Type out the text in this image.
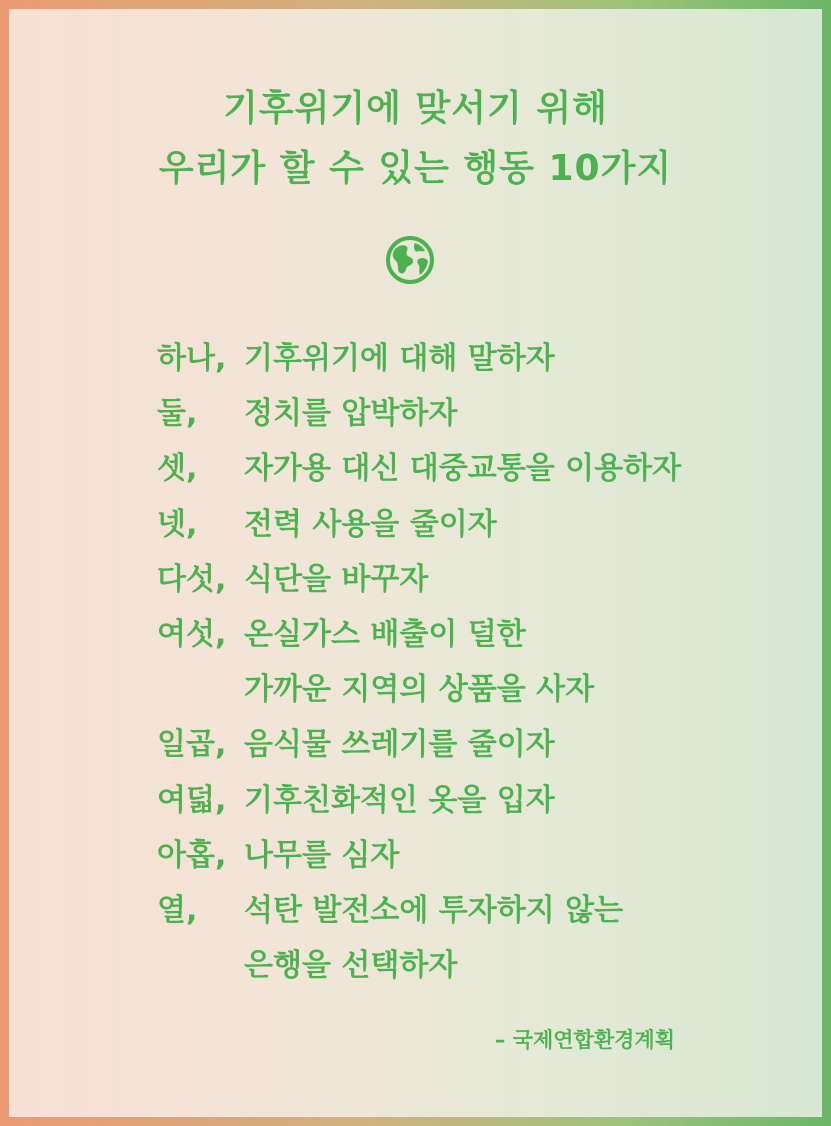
기후위기에 맞서기 위해
우리가 할 수 있는 행동 10가지
하나, 기후위기에 대해 말하자
둘, 정치를 압박하자
셋, 자가용 대신 대중교통을 이용하자
넷, 전력 사용을 줄이자
다섯, 식단을 바꾸자
여섯, 온실가스 배출이 덜한
가까운 지역의 상품을 사자
일곱, 음식물 쓰레기를 줄이자
여덟, 기후친화적인 옷을 입자
아홉, 나무를 심자
열, 석탄 발전소에 투자하지 않는
은행을 선택하자
– 국제연합환경계획
